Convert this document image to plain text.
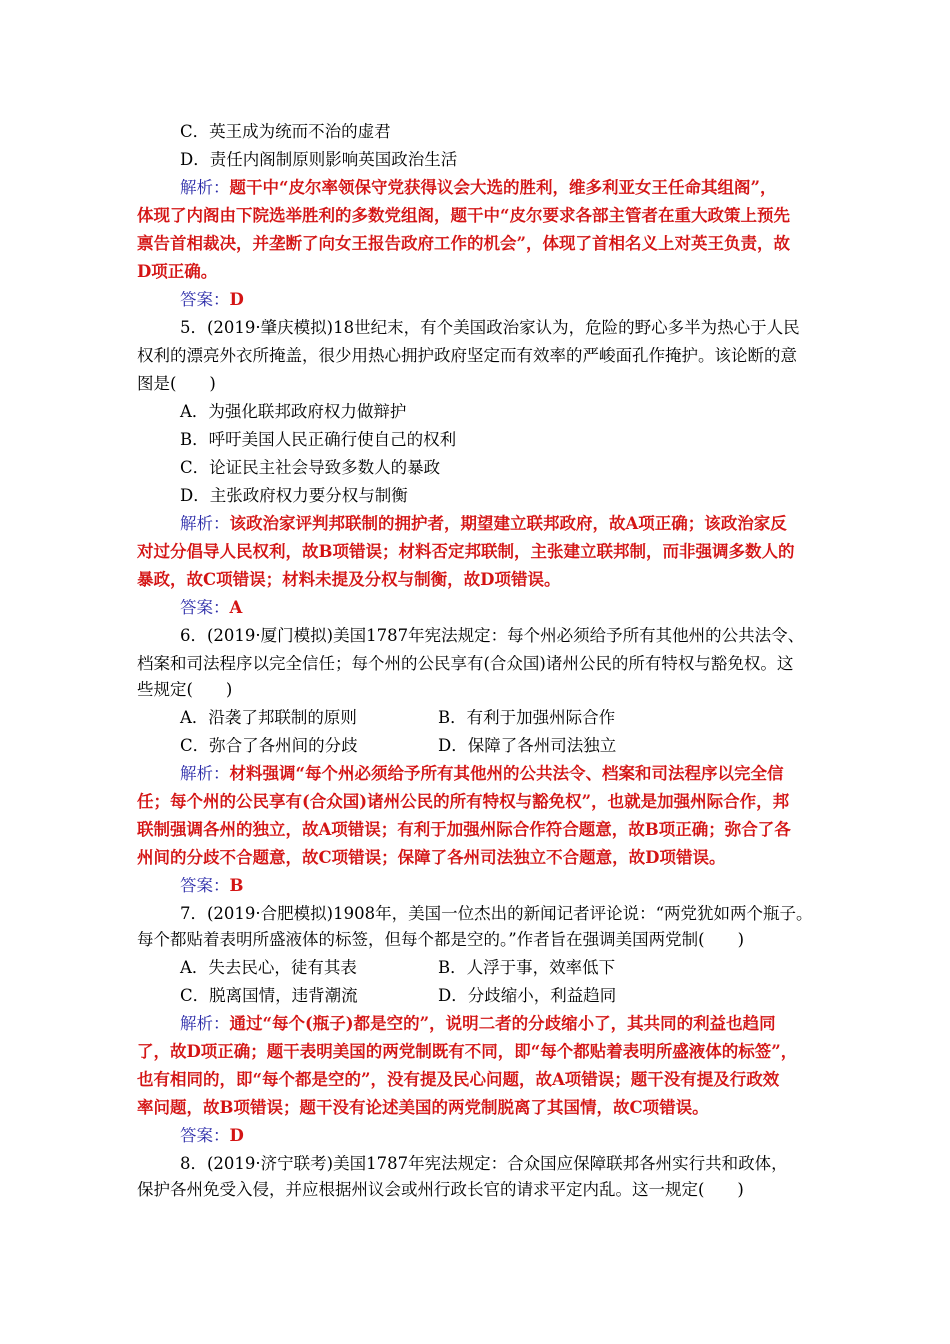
C．英王成为统而不治的虚君
D．责任内阁制原则影响英国政治生活
解析：题干中“皮尔率领保守党获得议会大选的胜利，维多利亚女王任命其组阁”，
体现了内阁由下院选举胜利的多数党组阁，题干中“皮尔要求各部主管者在重大政策上预先
禀告首相裁决，并垄断了向女王报告政府工作的机会”，体现了首相名义上对英王负责，故
D项正确。
答案：D
5．(2019·肇庆模拟)18世纪末，有个美国政治家认为，危险的野心多半为热心于人民
权利的漂亮外衣所掩盖，很少用热心拥护政府坚定而有效率的严峻面孔作掩护。该论断的意
图是(　　)
A．为强化联邦政府权力做辩护
B．呼吁美国人民正确行使自己的权利
C．论证民主社会导致多数人的暴政
D．主张政府权力要分权与制衡
解析：该政治家评判邦联制的拥护者，期望建立联邦政府，故A项正确；该政治家反
对过分倡导人民权利，故B项错误；材料否定邦联制，主张建立联邦制，而非强调多数人的
暴政，故C项错误；材料未提及分权与制衡，故D项错误。
答案：A
6．(2019·厦门模拟)美国1787年宪法规定：每个州必须给予所有其他州的公共法令、
档案和司法程序以完全信任；每个州的公民享有(合众国)诸州公民的所有特权与豁免权。这
些规定(　　)
A．沿袭了邦联制的原则	B．有利于加强州际合作
C．弥合了各州间的分歧	D．保障了各州司法独立
解析：材料强调“每个州必须给予所有其他州的公共法令、档案和司法程序以完全信
任；每个州的公民享有(合众国)诸州公民的所有特权与豁免权”，也就是加强州际合作，邦
联制强调各州的独立，故A项错误；有利于加强州际合作符合题意，故B项正确；弥合了各
州间的分歧不合题意，故C项错误；保障了各州司法独立不合题意，故D项错误。
答案：B
7．(2019·合肥模拟)1908年，美国一位杰出的新闻记者评论说：“两党犹如两个瓶子。
每个都贴着表明所盛液体的标签，但每个都是空的。”作者旨在强调美国两党制(　　)
A．失去民心，徒有其表	B．人浮于事，效率低下
C．脱离国情，违背潮流	D．分歧缩小，利益趋同
解析：通过“每个(瓶子)都是空的”，说明二者的分歧缩小了，其共同的利益也趋同
了，故D项正确；题干表明美国的两党制既有不同，即“每个都贴着表明所盛液体的标签”，
也有相同的，即“每个都是空的”，没有提及民心问题，故A项错误；题干没有提及行政效
率问题，故B项错误；题干没有论述美国的两党制脱离了其国情，故C项错误。
答案：D
8．(2019·济宁联考)美国1787年宪法规定：合众国应保障联邦各州实行共和政体，
保护各州免受入侵，并应根据州议会或州行政长官的请求平定内乱。这一规定(　　)
